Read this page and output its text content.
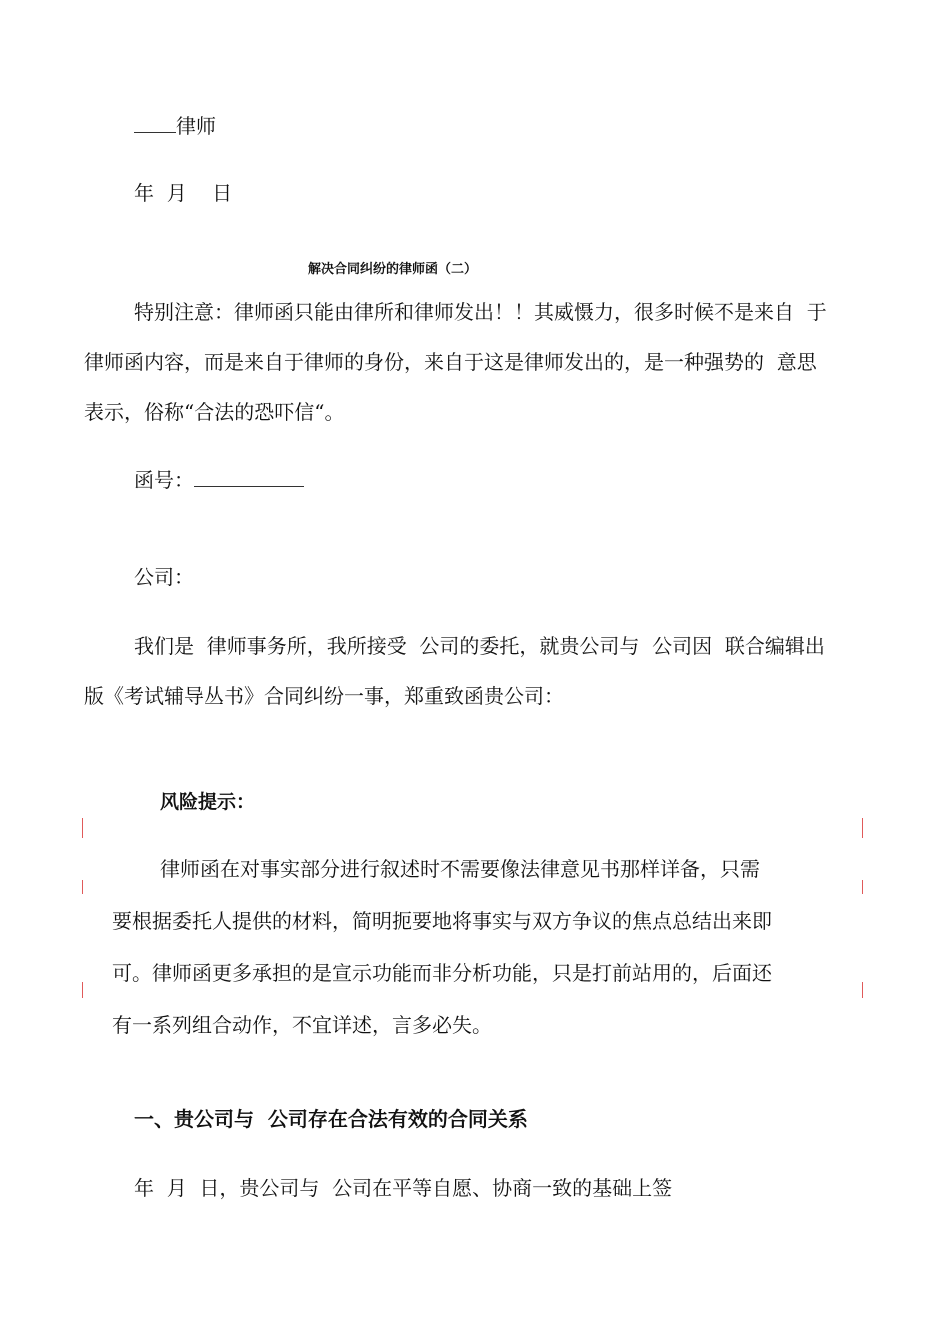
律师
年  月    日
解决合同纠纷的律师函（二）
特别注意：律师函只能由律所和律师发出！！其威慑力，很多时候不是来自  于
律师函内容，而是来自于律师的身份，来自于这是律师发出的，是一种强势的  意思
表示，俗称“合法的恐吓信“。
函号：
公司：
我们是  律师事务所，我所接受  公司的委托，就贵公司与  公司因  联合编辑出
版《考试辅导丛书》合同纠纷一事，郑重致函贵公司：
风险提示：
律师函在对事实部分进行叙述时不需要像法律意见书那样详备，只需
要根据委托人提供的材料，简明扼要地将事实与双方争议的焦点总结出来即
可。律师函更多承担的是宣示功能而非分析功能，只是打前站用的，后面还
有一系列组合动作，不宜详述，言多必失。
一、贵公司与  公司存在合法有效的合同关系
年  月  日，贵公司与  公司在平等自愿、协商一致的基础上签
